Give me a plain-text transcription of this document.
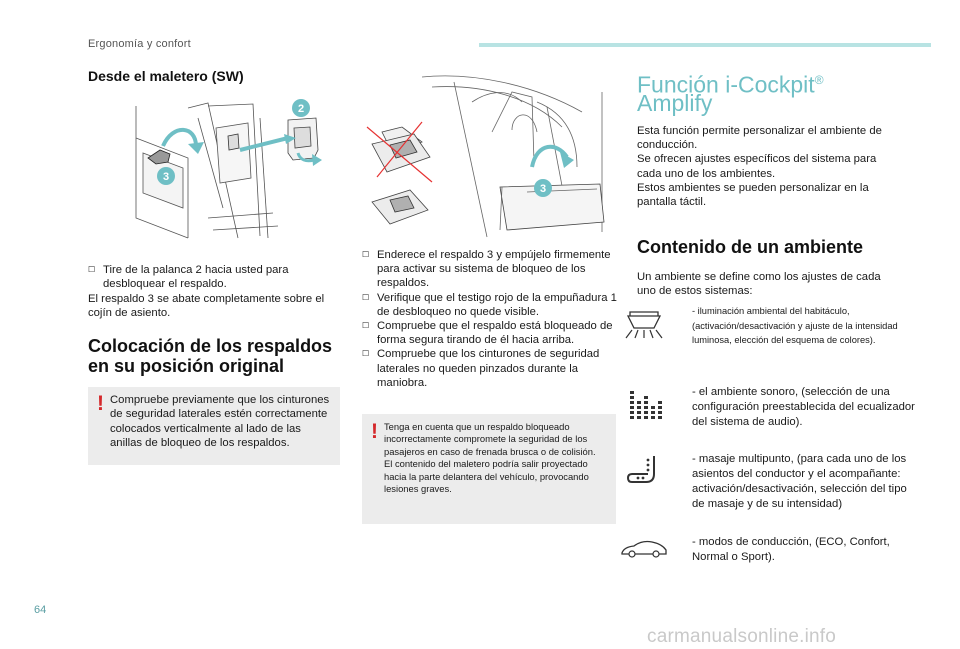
Ergonomía y confort
Desde el maletero (SW)
2
3
☐ Tire de la palanca 2 hacia usted para desbloquear el respaldo.
El respaldo 3 se abate completamente sobre el cojín de asiento.
Colocación de los respaldos
en su posición original
! Compruebe previamente que los cinturones de seguridad laterales estén correctamente colocados verticalmente al lado de las anillas de bloqueo de los respaldos.
3
☐ Enderece el respaldo 3 y empújelo firmemente para activar su sistema de bloqueo de los respaldos.
☐ Verifique que el testigo rojo de la empuñadura 1 de desbloqueo no quede visible.
☐ Compruebe que el respaldo está bloqueado de forma segura tirando de él hacia arriba.
☐ Compruebe que los cinturones de seguridad laterales no queden pinzados durante la maniobra.
! Tenga en cuenta que un respaldo bloqueado incorrectamente compromete la seguridad de los pasajeros en caso de frenada brusca o de colisión.
El contenido del maletero podría salir proyectado hacia la parte delantera del vehículo, provocando lesiones graves.
Función i-Cockpit®
Amplify
Esta función permite personalizar el ambiente de conducción.
Se ofrecen ajustes específicos del sistema para cada uno de los ambientes.
Estos ambientes se pueden personalizar en la pantalla táctil.
Contenido de un ambiente
Un ambiente se define como los ajustes de cada uno de estos sistemas:
- iluminación ambiental del habitáculo, (activación/desactivación y ajuste de la intensidad luminosa, elección del esquema de colores).
- el ambiente sonoro, (selección de una configuración preestablecida del ecualizador del sistema de audio).
- masaje multipunto, (para cada uno de los asientos del conductor y el acompañante: activación/desactivación, selección del tipo de masaje y de su intensidad)
- modos de conducción, (ECO, Confort, Normal o Sport).
64
carmanualsonline.info
